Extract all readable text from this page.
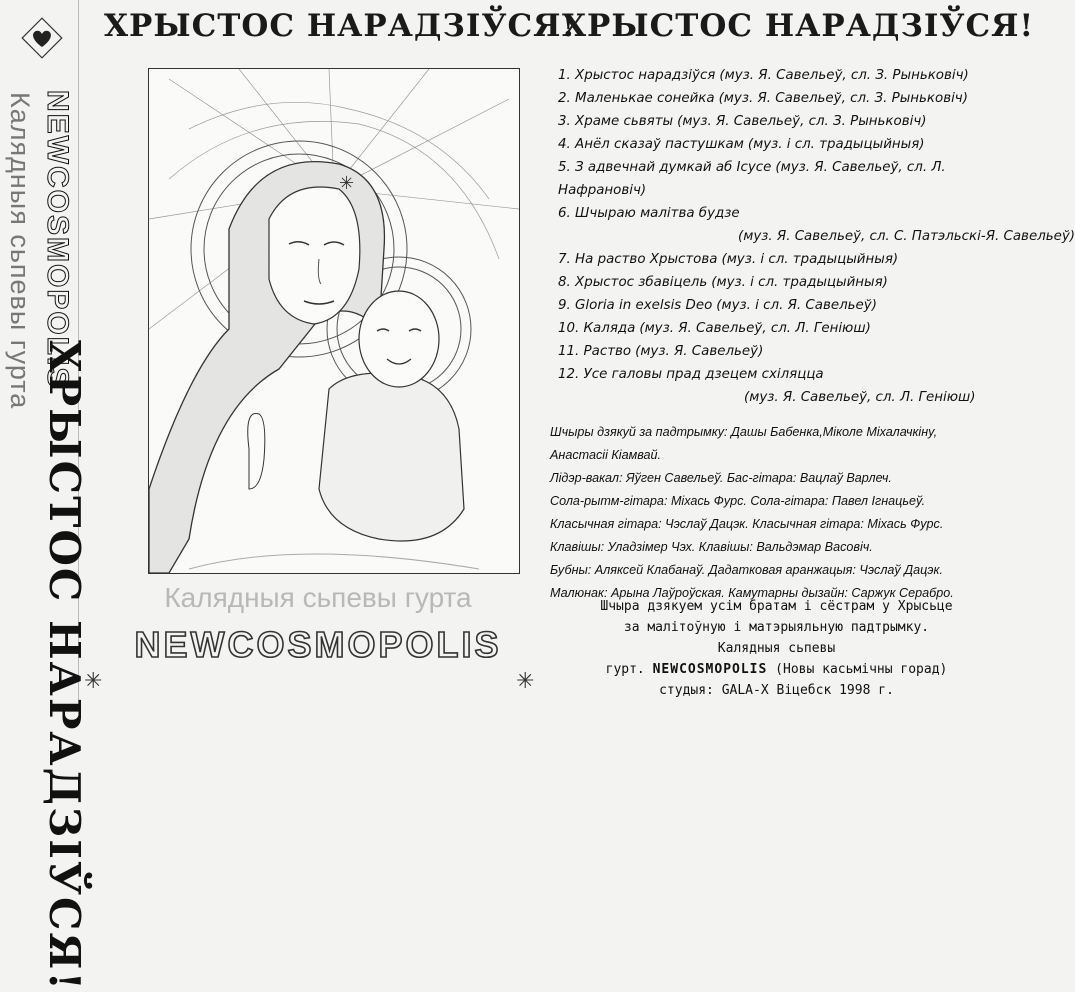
Калядныя сьпевы гурта NEWCOSMOPOLIS
ХРЫСТОС НАРАДЗІЎСЯ!
ХРЫСТОС НАРАДЗІЎСЯ!
✳
Калядныя сьпевы гурта
NEWCOSMOPOLIS
✳	✳
ХРЫСТОС НАРАДЗІЎСЯ!
1. Хрыстос нарадзіўся (муз. Я. Савельеў, сл. З. Рыньковіч)
2. Маленькае сонейка (муз. Я. Савельеў, сл. З. Рыньковіч)
3. Храме сьвяты (муз. Я. Савельеў, сл. З. Рыньковіч)
4. Анёл сказаў пастушкам (муз. і сл. традыцыйныя)
5. З адвечнай думкай аб Ісусе (муз. Я. Савельеў, сл. Л.
Нафрановіч)
6. Шчыраю малітва будзе
(муз. Я. Савельеў, сл. С. Патэльскі-Я. Савельеў)
7. На раство Хрыстова (муз. і сл. традыцыйныя)
8. Хрыстос збавіцель (муз. і сл. традыцыйныя)
9. Gloria in exelsis Deo (муз. і сл. Я. Савельеў)
10. Каляда (муз. Я. Савельеў, сл. Л. Геніюш)
11. Раство (муз. Я. Савельеў)
12. Усе галовы прад дзецем схіляцца
(муз. Я. Савельеў, сл. Л. Геніюш)
Шчыры дзякуй за падтрымку: Дашы Бабенка,Міколе Міхалачкіну,
Анастасіі Кіамвай.
Лідэр-вакал: Яўген Савельеў. Бас-гітара: Вацлаў Варлеч.
Сола-рытм-гітара: Міхась Фурс. Сола-гітара: Павел Ігнацьеў.
Класычная гітара: Чэслаў Дацэк. Класычная гітара: Міхась Фурс.
Клавішы: Уладзімер Чэх. Клавішы: Вальдэмар Васовіч.
Бубны: Аляксей Клабанаў. Дадатковая аранжацыя: Чэслаў Дацэк.
Малюнак: Арына Лаўроўская. Камутарны дызайн: Саржук Серабро.
Шчыра дзякуем усім братам і сёстрам у Хрысьце
за малітоўную і матэрыяльную падтрымку.
Калядныя сьпевы
гурт. NEWCOSMOPOLIS (Новы касьмічны горад)
студыя: GALA-X Віцебск 1998 г.
